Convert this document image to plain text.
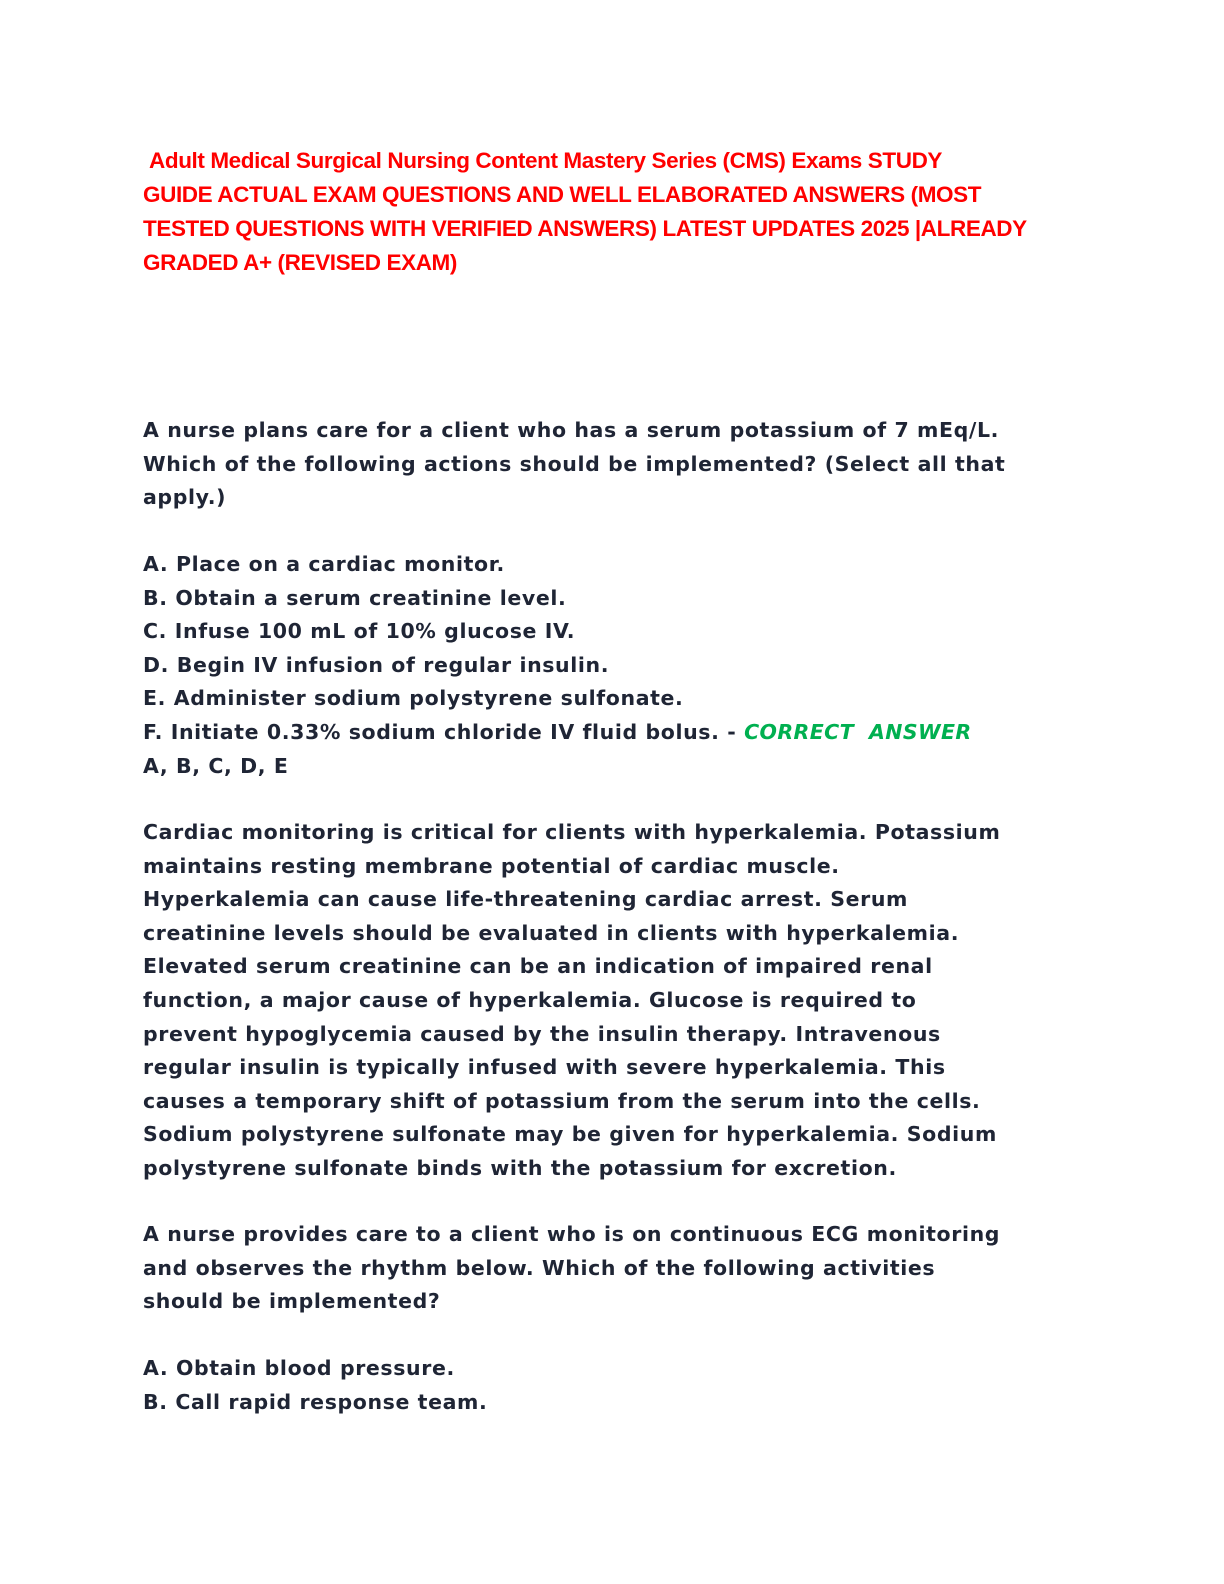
Adult Medical Surgical Nursing Content Mastery Series (CMS) Exams STUDY
GUIDE ACTUAL EXAM QUESTIONS AND WELL ELABORATED ANSWERS (MOST
TESTED QUESTIONS WITH VERIFIED ANSWERS) LATEST UPDATES 2025 |ALREADY
GRADED A+ (REVISED EXAM)

A nurse plans care for a client who has a serum potassium of 7 mEq/L.
Which of the following actions should be implemented? (Select all that
apply.)

A. Place on a cardiac monitor.
B. Obtain a serum creatinine level.
C. Infuse 100 mL of 10% glucose IV.
D. Begin IV infusion of regular insulin.
E. Administer sodium polystyrene sulfonate.
F. Initiate 0.33% sodium chloride IV fluid bolus. - CORRECT  ANSWER
A, B, C, D, E
Cardiac monitoring is critical for clients with hyperkalemia. Potassium
maintains resting membrane potential of cardiac muscle.
Hyperkalemia can cause life-threatening cardiac arrest. Serum
creatinine levels should be evaluated in clients with hyperkalemia.
Elevated serum creatinine can be an indication of impaired renal
function, a major cause of hyperkalemia. Glucose is required to
prevent hypoglycemia caused by the insulin therapy. Intravenous
regular insulin is typically infused with severe hyperkalemia. This
causes a temporary shift of potassium from the serum into the cells.
Sodium polystyrene sulfonate may be given for hyperkalemia. Sodium
polystyrene sulfonate binds with the potassium for excretion.

A nurse provides care to a client who is on continuous ECG monitoring
and observes the rhythm below. Which of the following activities
should be implemented?

A. Obtain blood pressure.
B. Call rapid response team.
